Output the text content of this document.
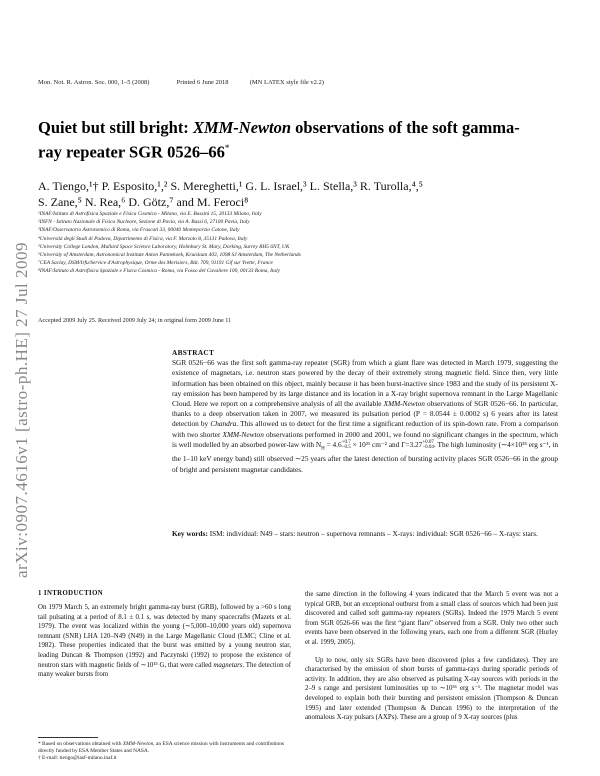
Mon. Not. R. Astron. Soc. 000, 1–5 (2008)	Printed 6 June 2018	(MN LATEX style file v2.2)
arXiv:0907.4616v1 [astro-ph.HE] 27 Jul 2009
Quiet but still bright: XMM-Newton observations of the soft gamma-ray repeater SGR 0526–66*
A. Tiengo,¹† P. Esposito,¹,² S. Mereghetti,¹ G. L. Israel,³ L. Stella,³ R. Turolla,⁴,⁵
S. Zane,⁵ N. Rea,⁶ D. Götz,⁷ and M. Feroci⁸
¹INAF/Istituto di Astrofisica Spaziale e Fisica Cosmica - Milano, via E. Bassini 15, 20133 Milano, Italy
²INFN - Istituto Nazionale di Fisica Nucleare, Sezione di Pavia, via A. Bassi 6, 27100 Pavia, Italy
³INAF/Osservatorio Astronomico di Roma, via Frascati 33, 00040 Monteporzio Catone, Italy
⁴Università degli Studi di Padova, Dipartimento di Fisica, via F. Marzolo 8, 35131 Padova, Italy
⁵University College London, Mullard Space Science Laboratory, Holmbury St. Mary, Dorking, Surrey RH5 6NT, UK
⁶University of Amsterdam, Astronomical Institute Anton Pannekoek, Kruislaan 403, 1098 SJ Amsterdam, The Netherlands
⁷CEA Saclay, DSM/Irfu/Service d'Astrophysique, Orme des Merisiers, Bât. 709, 91191 Gif sur Yvette, France
⁸INAF/Istituto di Astrofisica Spaziale e Fisica Cosmica - Roma, via Fosso del Cavaliere 100, 00133 Roma, Italy
Accepted 2009 July 25. Received 2009 July 24; in original form 2009 June 11
ABSTRACT
SGR 0526−66 was the first soft gamma-ray repeater (SGR) from which a giant flare was detected in March 1979, suggesting the existence of magnetars, i.e. neutron stars powered by the decay of their extremely strong magnetic field. Since then, very little information has been obtained on this object, mainly because it has been burst-inactive since 1983 and the study of its persistent X-ray emission has been hampered by its large distance and its location in a X-ray bright supernova remnant in the Large Magellanic Cloud. Here we report on a comprehensive analysis of all the available XMM-Newton observations of SGR 0526−66. In particular, thanks to a deep observation taken in 2007, we measured its pulsation period (P = 8.0544 ± 0.0002 s) 6 years after its latest detection by Chandra. This allowed us to detect for the first time a significant reduction of its spin-down rate. From a comparison with two shorter XMM-Newton observations performed in 2000 and 2001, we found no significant changes in the spectrum, which is well modelled by an absorbed power-law with $N_H = 4.6 +0.7$
−0.5 × 10²¹ cm⁻² and Γ=3.27 +0.07
−0.04 . The high luminosity (∼4×10³⁵ erg s⁻¹, in the 1–10 keV energy band) still observed ∼25 years after the latest detection of bursting activity places SGR 0526−66 in the group of bright and persistent magnetar candidates.
Key words: ISM: individual: N49 – stars: neutron – supernova remnants – X-rays: individual: SGR 0526−66 – X-rays: stars.
1 INTRODUCTION

On 1979 March 5, an extremely bright gamma-ray burst (GRB), followed by a >60 s long tail pulsating at a period of 8.1 ± 0.1 s, was detected by many spacecrafts (Mazets et al. 1979). The event was localized within the young (∼5,000–10,000 years old) supernova remnant (SNR) LHA 120–N49 (N49) in the Large Magellanic Cloud (LMC; Cline et al. 1982). These properties indicated that the burst was emitted by a young neutron star, leading Duncan & Thompson (1992) and Paczynski (1992) to propose the existence of neutron stars with magnetic fields of ∼10¹⁵ G, that were called magnetars. The detection of many weaker bursts from

the same direction in the following 4 years indicated that the March 5 event was not a typical GRB, but an exceptional outburst from a small class of sources which had been just discovered and called soft gamma-ray repeaters (SGRs). Indeed the 1979 March 5 event from SGR 0526-66 was the first “giant flare” observed from a SGR. Only two other such events have been observed in the following years, each one from a different SGR (Hurley et al. 1999, 2005).

Up to now, only six SGRs have been discovered (plus a few candidates). They are characterised by the emission of short bursts of gamma-rays during sporadic periods of activity. In addition, they are also observed as pulsating X-ray sources with periods in the 2–9 s range and persistent luminosities up to ∼10³⁶ erg s⁻¹. The magnetar model was developed to explain both their bursting and persistent emission (Thompson & Duncan 1995) and later extended (Thompson & Duncan 1996) to the interpretation of the anomalous X-ray pulsars (AXPs). These are a group of 9 X-ray sources (plus

* Based on observations obtained with XMM-Newton, an ESA science mission with instruments and contributions directly funded by ESA Member States and NASA.
† E-mail: tiengo@iasf-milano.inaf.it
